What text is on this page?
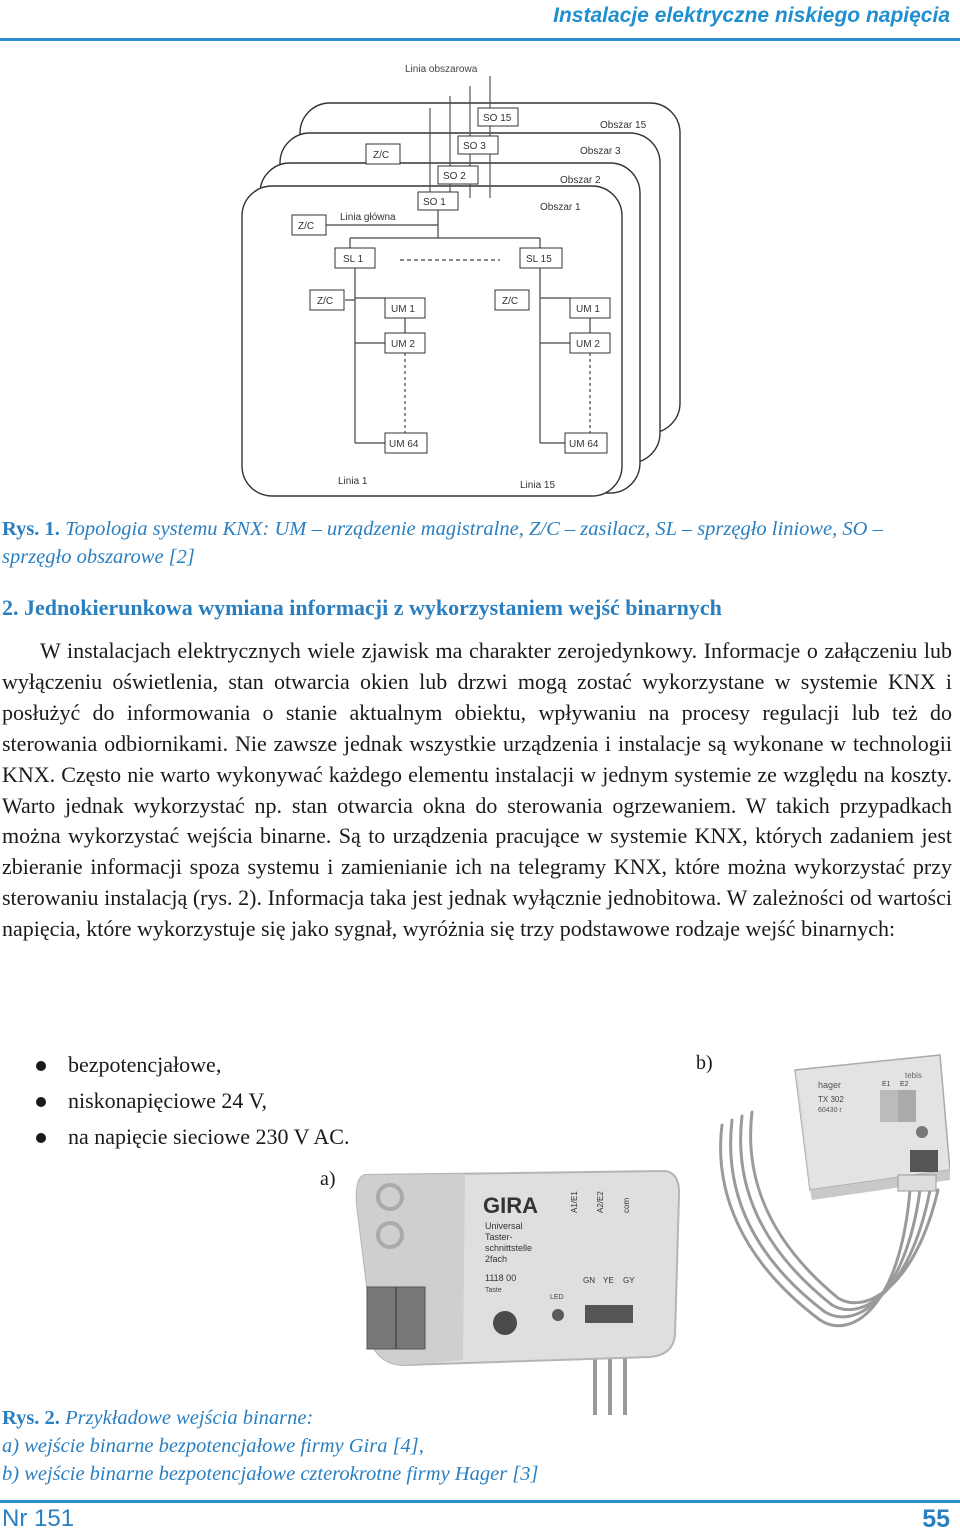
Instalacje elektryczne niskiego napięcia
Linia obszarowa
SO 15
SO 3
SO 2
SO 1
Obszar 15
Obszar 3
Obszar 2
Obszar 1
Z/C
Z/C
Linia główna
SL 1	SL 15
Z/C	Z/C
UM 1
UM 2
UM 64
UM 1
UM 2
UM 64
Linia 1	Linia 15
Rys. 1. Topologia systemu KNX: UM – urządzenie magistralne, Z/C – zasilacz, SL – sprzęgło liniowe, SO – sprzęgło obszarowe [2]
2. Jednokierunkowa wymiana informacji z wykorzystaniem wejść binarnych

W instalacjach elektrycznych wiele zjawisk ma charakter zerojedynkowy. Informacje o załączeniu lub wyłączeniu oświetlenia, stan otwarcia okien lub drzwi mogą zostać wykorzystane w systemie KNX i posłużyć do informowania o stanie aktualnym obiektu, wpływaniu na procesy regulacji lub też do sterowania odbiornikami. Nie zawsze jednak wszystkie urządzenia i instalacje są wykonane w technologii KNX. Często nie warto wykonywać każdego elementu instalacji w jednym systemie ze względu na koszty. Warto jednak wykorzystać np. stan otwarcia okna do sterowania ogrzewaniem. W takich przypadkach można wykorzystać wejścia binarne. Są to urządzenia pracujące w systemie KNX, których zadaniem jest zbieranie informacji spoza systemu i zamienianie ich na telegramy KNX, które można wykorzystać przy sterowaniu instalacją (rys. 2). Informacja taka jest jednak wyłącznie jednobitowa. W zależności od wartości napięcia, które wykorzystuje się jako sygnał, wyróżnia się trzy podstawowe rodzaje wejść binarnych:

bezpotencjałowe,
niskonapięciowe 24 V,
na napięcie sieciowe 230 V AC.
b)
a)
hager
tebis
TX 302
60430 r
E1 E2
GIRA
Universal
Taster-
schnittstelle
2fach
1118 00
Taste
LED
A1/E1 A2/E2 com
GN YE GY
Rys. 2. Przykładowe wejścia binarne:
a) wejście binarne bezpotencjałowe firmy Gira [4],
b) wejście binarne bezpotencjałowe czterokrotne firmy Hager [3]
Nr 151	55
